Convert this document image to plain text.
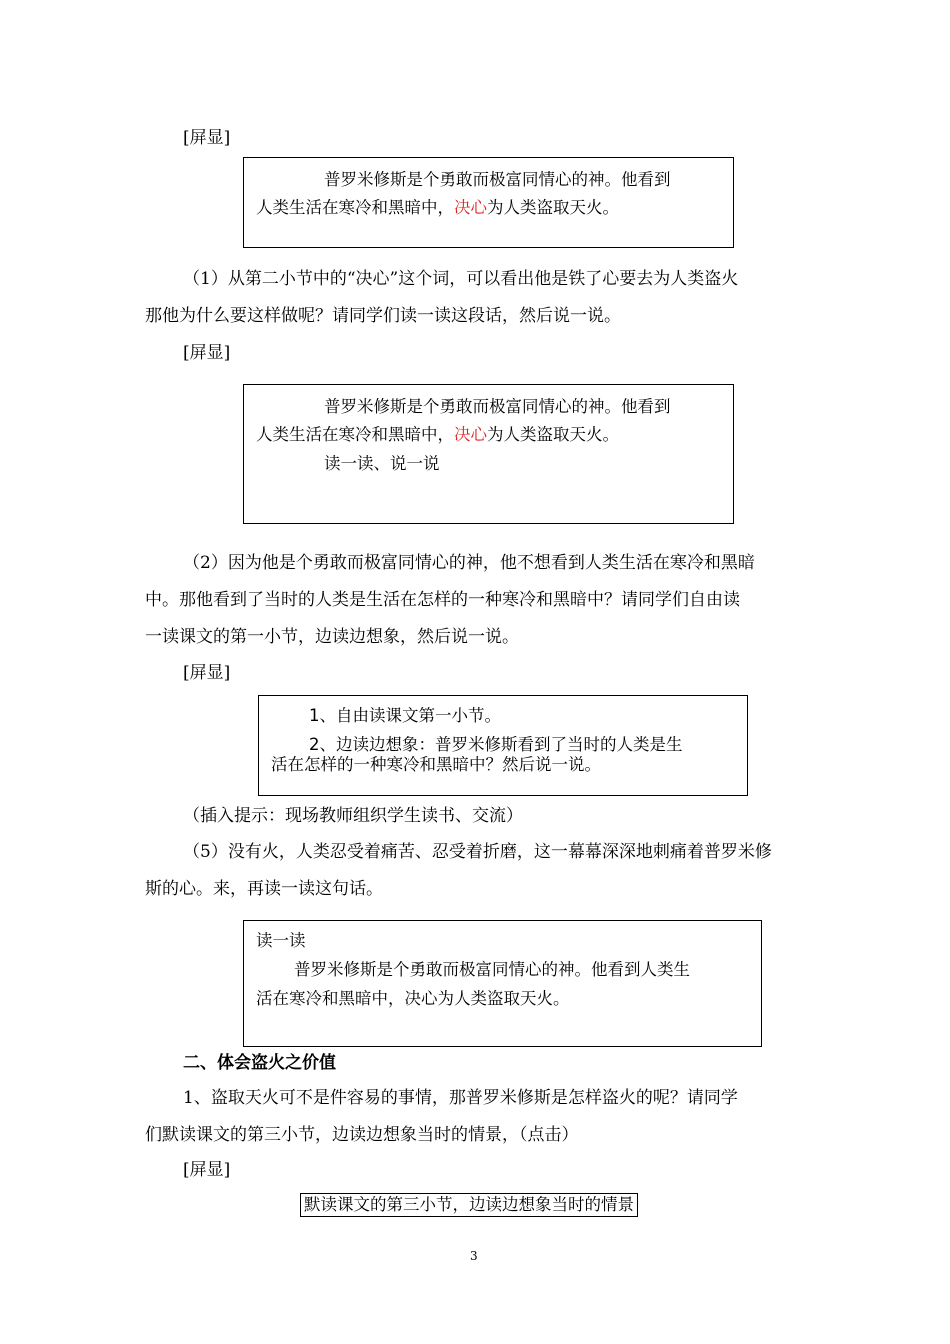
[屏显]
普罗米修斯是个勇敢而极富同情心的神。他看到
人类生活在寒冷和黑暗中，决心为人类盗取天火。
（1）从第二小节中的“决心”这个词，可以看出他是铁了心要去为人类盗火
那他为什么要这样做呢？请同学们读一读这段话，然后说一说。
[屏显]
普罗米修斯是个勇敢而极富同情心的神。他看到
人类生活在寒冷和黑暗中，决心为人类盗取天火。
读一读、说一说
（2）因为他是个勇敢而极富同情心的神，他不想看到人类生活在寒冷和黑暗
中。那他看到了当时的人类是生活在怎样的一种寒冷和黑暗中？请同学们自由读
一读课文的第一小节，边读边想象，然后说一说。
[屏显]
1、自由读课文第一小节。
2、边读边想象：普罗米修斯看到了当时的人类是生
活在怎样的一种寒冷和黑暗中？然后说一说。
（插入提示：现场教师组织学生读书、交流）
（5）没有火，人类忍受着痛苦、忍受着折磨，这一幕幕深深地刺痛着普罗米修
斯的心。来，再读一读这句话。
读一读
普罗米修斯是个勇敢而极富同情心的神。他看到人类生
活在寒冷和黑暗中，决心为人类盗取天火。
二、体会盗火之价值
1、盗取天火可不是件容易的事情，那普罗米修斯是怎样盗火的呢？请同学
们默读课文的第三小节，边读边想象当时的情景，（点击）
[屏显]
默读课文的第三小节，边读边想象当时的情景
3
